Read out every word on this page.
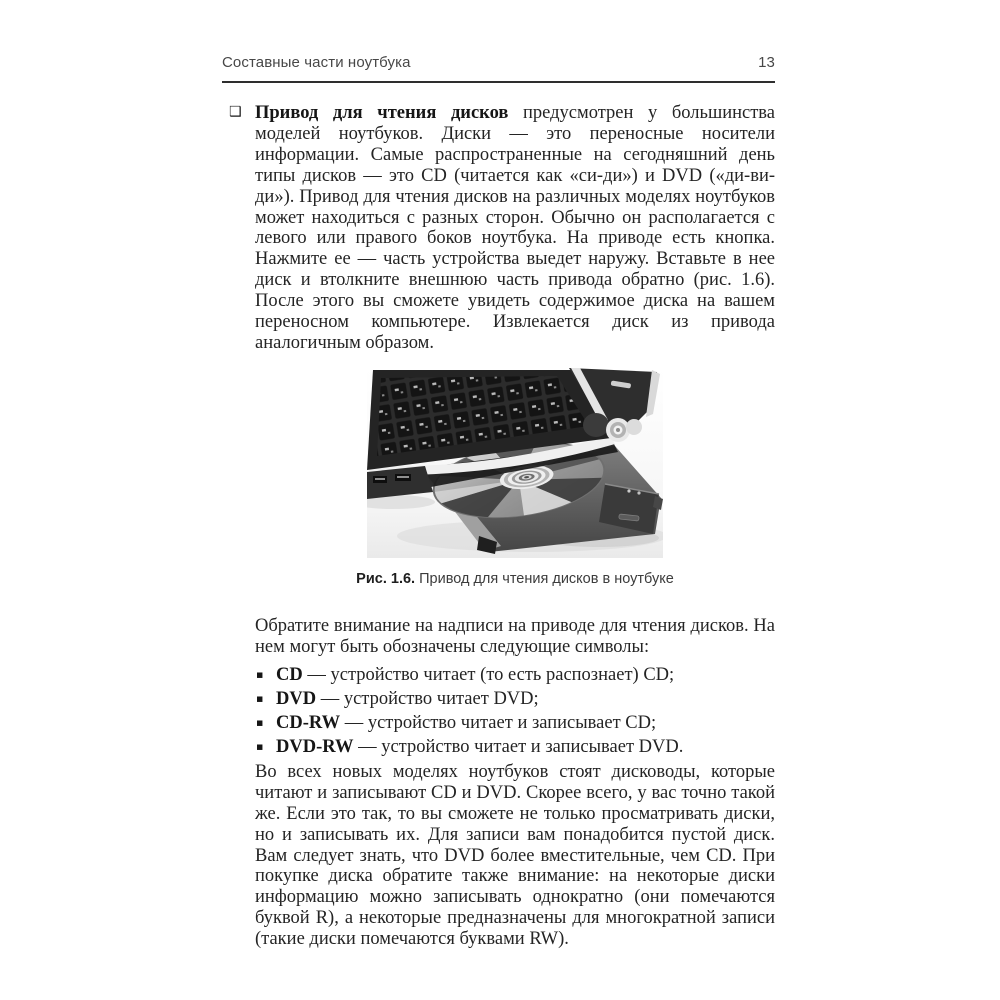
Составные части ноутбука	13
❑ Привод для чтения дисков предусмотрен у большинства моделей ноутбуков. Диски — это переносные носители информации. Самые распространенные на сегодняшний день типы дисков — это CD (читается как «си-ди») и DVD («ди-ви-ди»). Привод для чтения дисков на различных моделях ноутбуков может находиться с разных сторон. Обычно он располагается с левого или правого боков ноутбука. На приводе есть кнопка. Нажмите ее — часть устройства выедет наружу. Вставьте в нее диск и втолкните внешнюю часть привода обратно (рис. 1.6). После этого вы сможете увидеть содержимое диска на вашем переносном компьютере. Извлекается диск из привода аналогичным образом.

Рис. 1.6. Привод для чтения дисков в ноутбуке

Обратите внимание на надписи на приводе для чтения дисков. На нем могут быть обозначены следующие символы:

▪ CD — устройство читает (то есть распознает) CD;
▪ DVD — устройство читает DVD;
▪ CD-RW — устройство читает и записывает CD;
▪ DVD-RW — устройство читает и записывает DVD.

Во всех новых моделях ноутбуков стоят дисководы, которые читают и записывают CD и DVD. Скорее всего, у вас точно такой же. Если это так, то вы сможете не только просматривать диски, но и записывать их. Для записи вам понадобится пустой диск. Вам следует знать, что DVD более вместительные, чем CD. При покупке диска обратите также внимание: на некоторые диски информацию можно записывать однократно (они помечаются буквой R), а некоторые предназначены для многократной записи (такие диски помечаются буквами RW).
